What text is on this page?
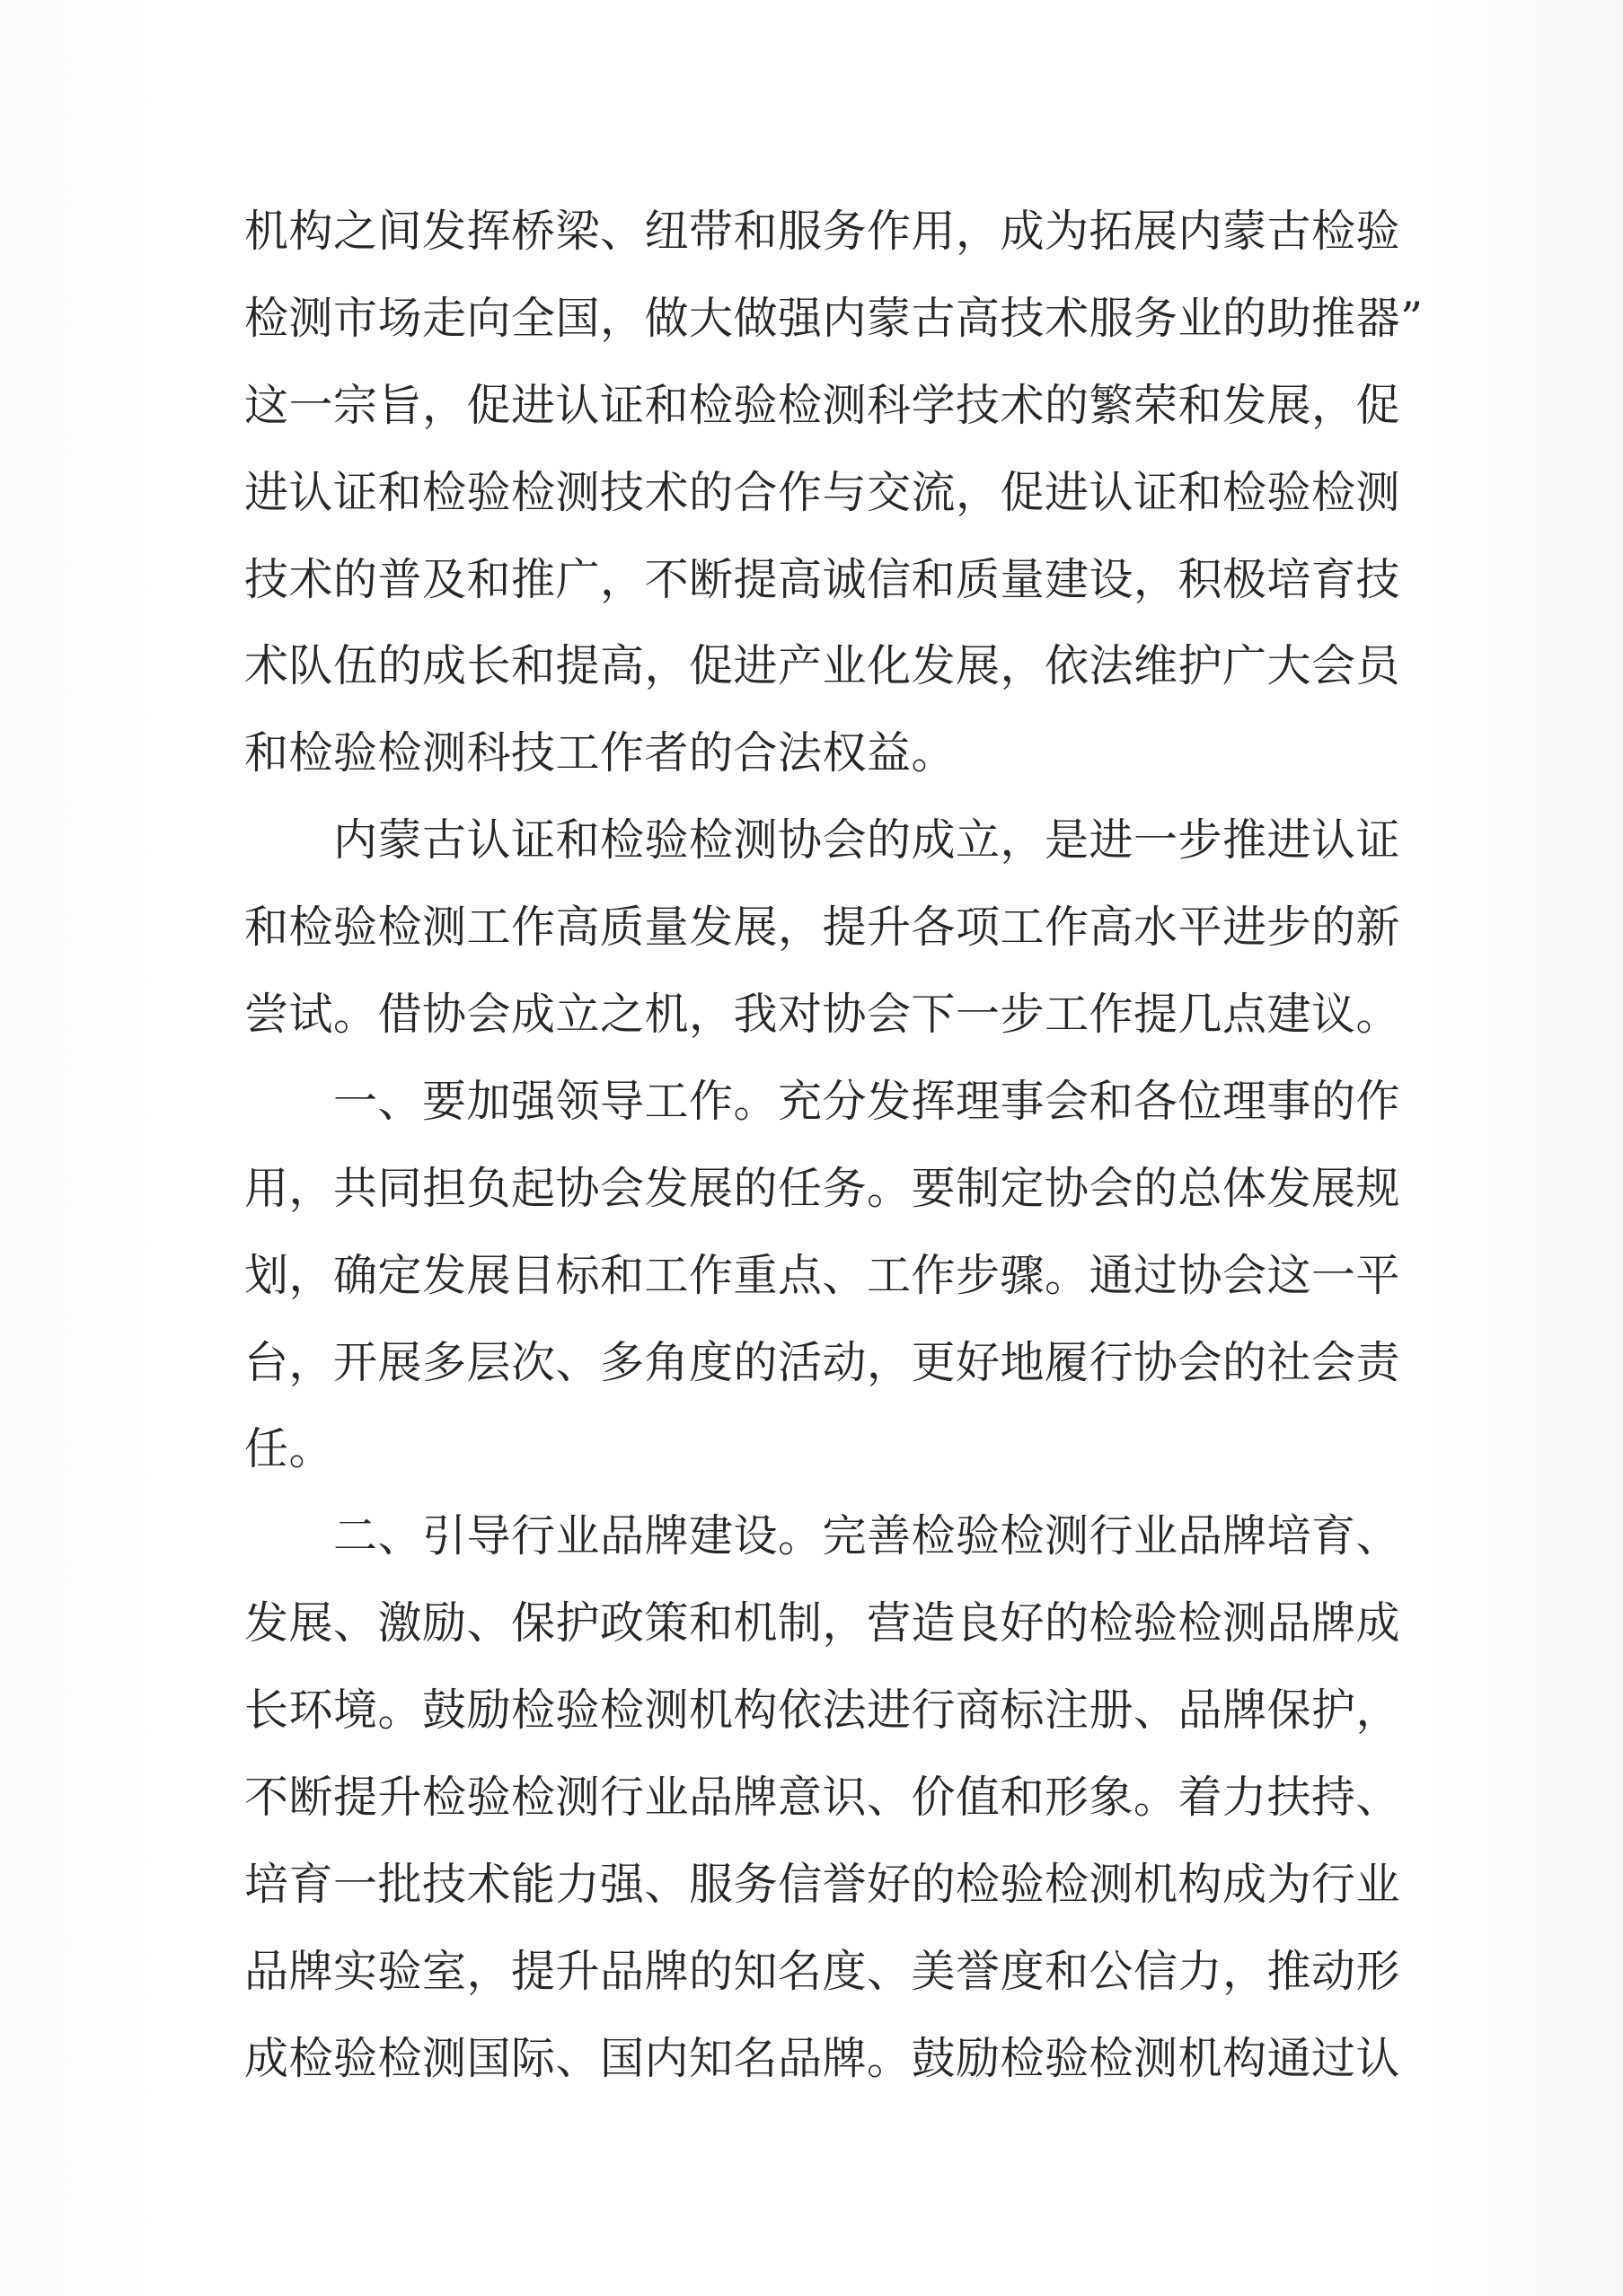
机构之间发挥桥梁、纽带和服务作用，成为拓展内蒙古检验
检测市场走向全国，做大做强内蒙古高技术服务业的助推器”
这一宗旨，促进认证和检验检测科学技术的繁荣和发展，促
进认证和检验检测技术的合作与交流，促进认证和检验检测
技术的普及和推广，不断提高诚信和质量建设，积极培育技
术队伍的成长和提高，促进产业化发展，依法维护广大会员
和检验检测科技工作者的合法权益。
　　内蒙古认证和检验检测协会的成立，是进一步推进认证
和检验检测工作高质量发展，提升各项工作高水平进步的新
尝试。借协会成立之机，我对协会下一步工作提几点建议。
　　一、要加强领导工作。充分发挥理事会和各位理事的作
用，共同担负起协会发展的任务。要制定协会的总体发展规
划，确定发展目标和工作重点、工作步骤。通过协会这一平
台，开展多层次、多角度的活动，更好地履行协会的社会责
任。
　　二、引导行业品牌建设。完善检验检测行业品牌培育、
发展、激励、保护政策和机制，营造良好的检验检测品牌成
长环境。鼓励检验检测机构依法进行商标注册、品牌保护，
不断提升检验检测行业品牌意识、价值和形象。着力扶持、
培育一批技术能力强、服务信誉好的检验检测机构成为行业
品牌实验室，提升品牌的知名度、美誉度和公信力，推动形
成检验检测国际、国内知名品牌。鼓励检验检测机构通过认
